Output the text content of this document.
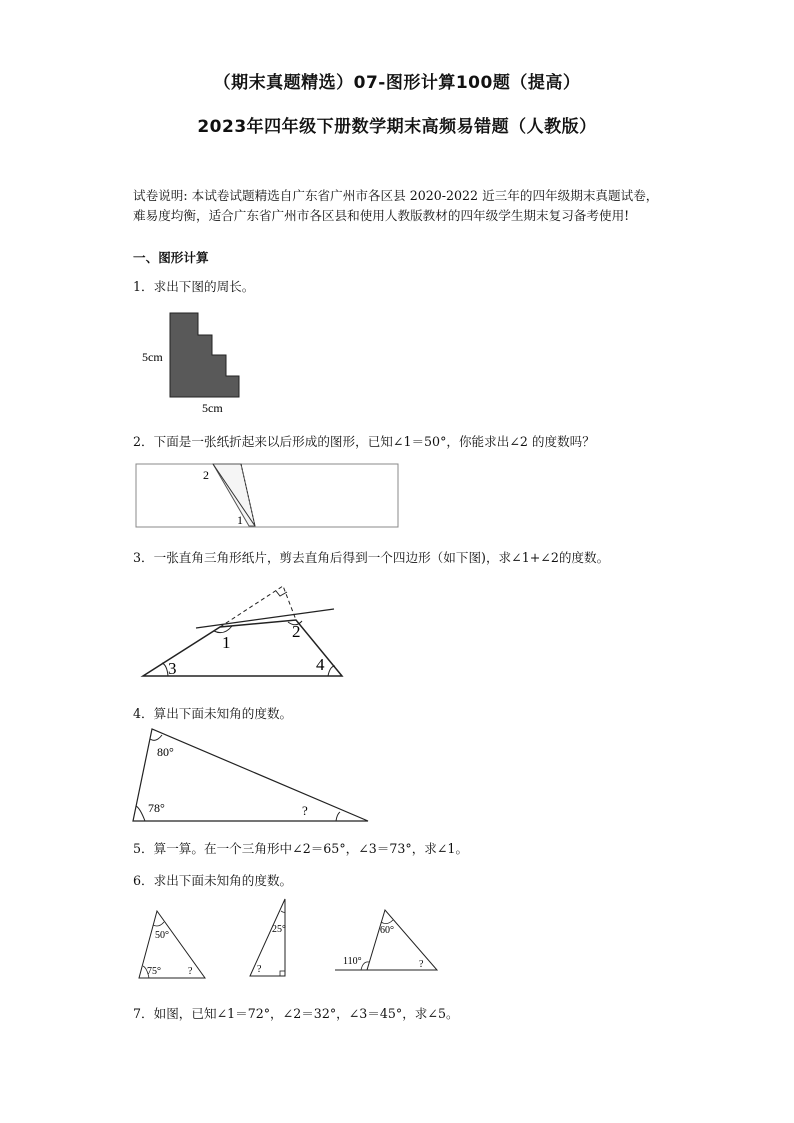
（期末真题精选）07-图形计算100题（提高）
2023年四年级下册数学期末高频易错题（人教版）
试卷说明: 本试卷试题精选自广东省广州市各区县 2020-2022 近三年的四年级期末真题试卷，难易度均衡，适合广东省广州市各区县和使用人教版教材的四年级学生期末复习备考使用!
一、图形计算
1．求出下图的周长。
5cm
5cm
2．下面是一张纸折起来以后形成的图形，已知∠1＝50°，你能求出∠2 的度数吗？
2
1
3．一张直角三角形纸片，剪去直角后得到一个四边形（如下图)，求∠1+∠2的度数。
1
2
3	4
4．算出下面未知角的度数。
80°
78°	?
5．算一算。在一个三角形中∠2＝65°，∠3＝73°，求∠1。
6．求出下面未知角的度数。
50°
75°	?
25°
?
60°
110°	?
7．如图，已知∠1＝72°，∠2＝32°，∠3＝45°，求∠5。
